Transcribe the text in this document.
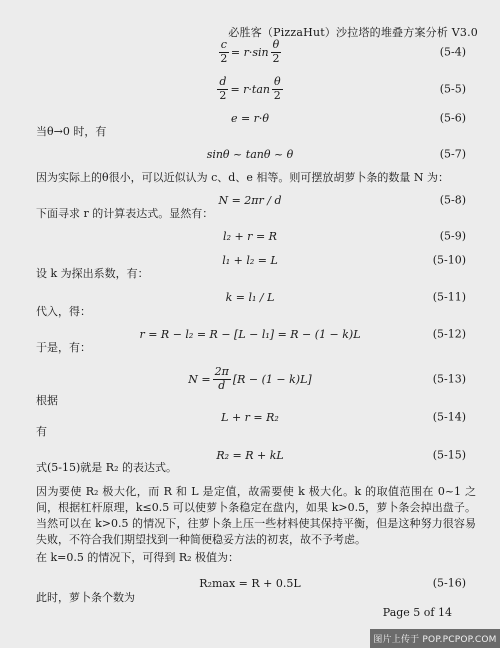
必胜客（PizzaHut）沙拉塔的堆叠方案分析 V3.0
$\frac{c}{2} = r\cdot\sin \frac{\theta}{2}$	(5-4)
$\frac{d}{2} = r\cdot\tan \frac{\theta}{2}$	(5-5)
e = r·θ	(5-6)
当θ→0 时，有
sinθ ~ tanθ ~ θ	(5-7)
因为实际上的θ很小，可以近似认为 c、d、e 相等。则可摆放胡萝卜条的数量 N 为：
N = 2πr / d	(5-8)
下面寻求 r 的计算表达式。显然有：
l₂ + r = R	(5-9)
l₁ + l₂ = L	(5-10)
设 k 为探出系数，有：
k = l₁ / L	(5-11)
代入，得：
r = R − l₂ = R − [L − l₁] = R − (1 − k)L	(5-12)
于是，有：
$N = \frac{2\pi}{d} [R - (1 - k)L]$	(5-13)
根据
L + r = R₂	(5-14)
有
R₂ = R + kL	(5-15)
式(5-15)就是 R₂ 的表达式。
因为要使 R₂ 极大化，而 R 和 L 是定值，故需要使 k 极大化。k 的取值范围在 0~1 之间，根据杠杆原理，k≤0.5 可以使萝卜条稳定在盘内，如果 k>0.5，萝卜条会掉出盘子。当然可以在 k>0.5 的情况下，往萝卜条上压一些材料使其保持平衡，但是这种努力很容易失败，不符合我们期望找到一种简便稳妥方法的初衷，故不予考虑。
在 k=0.5 的情况下，可得到 R₂ 极值为：
R₂max = R + 0.5L	(5-16)
此时，萝卜条个数为
Page 5 of 14
图片上传于 POP.PCPOP.COM
